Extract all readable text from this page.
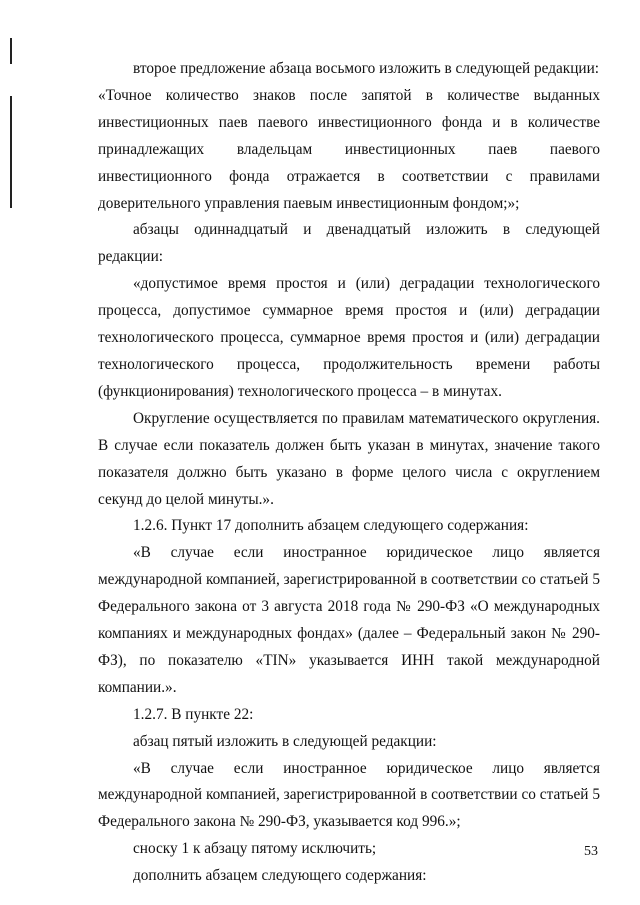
второе предложение абзаца восьмого изложить в следующей редакции:

«Точное количество знаков после запятой в количестве выданных инвестиционных паев паевого инвестиционного фонда и в количестве принадлежащих владельцам инвестиционных паев паевого инвестиционного фонда отражается в соответствии с правилами доверительного управления паевым инвестиционным фондом;»;

абзацы одиннадцатый и двенадцатый изложить в следующей редакции:

«допустимое время простоя и (или) деградации технологического процесса, допустимое суммарное время простоя и (или) деградации технологического процесса, суммарное время простоя и (или) деградации технологического процесса, продолжительность времени работы (функционирования) технологического процесса – в минутах.

Округление осуществляется по правилам математического округления. В случае если показатель должен быть указан в минутах, значение такого показателя должно быть указано в форме целого числа с округлением секунд до целой минуты.».

1.2.6. Пункт 17 дополнить абзацем следующего содержания:

«В случае если иностранное юридическое лицо является международной компанией, зарегистрированной в соответствии со статьей 5 Федерального закона от 3 августа 2018 года № 290-ФЗ «О международных компаниях и международных фондах» (далее – Федеральный закон № 290-ФЗ), по показателю «TIN» указывается ИНН такой международной компании.».

1.2.7. В пункте 22:

абзац пятый изложить в следующей редакции:

«В случае если иностранное юридическое лицо является международной компанией, зарегистрированной в соответствии со статьей 5 Федерального закона № 290-ФЗ, указывается код 996.»;

сноску 1 к абзацу пятому исключить;

дополнить абзацем следующего содержания:

53
